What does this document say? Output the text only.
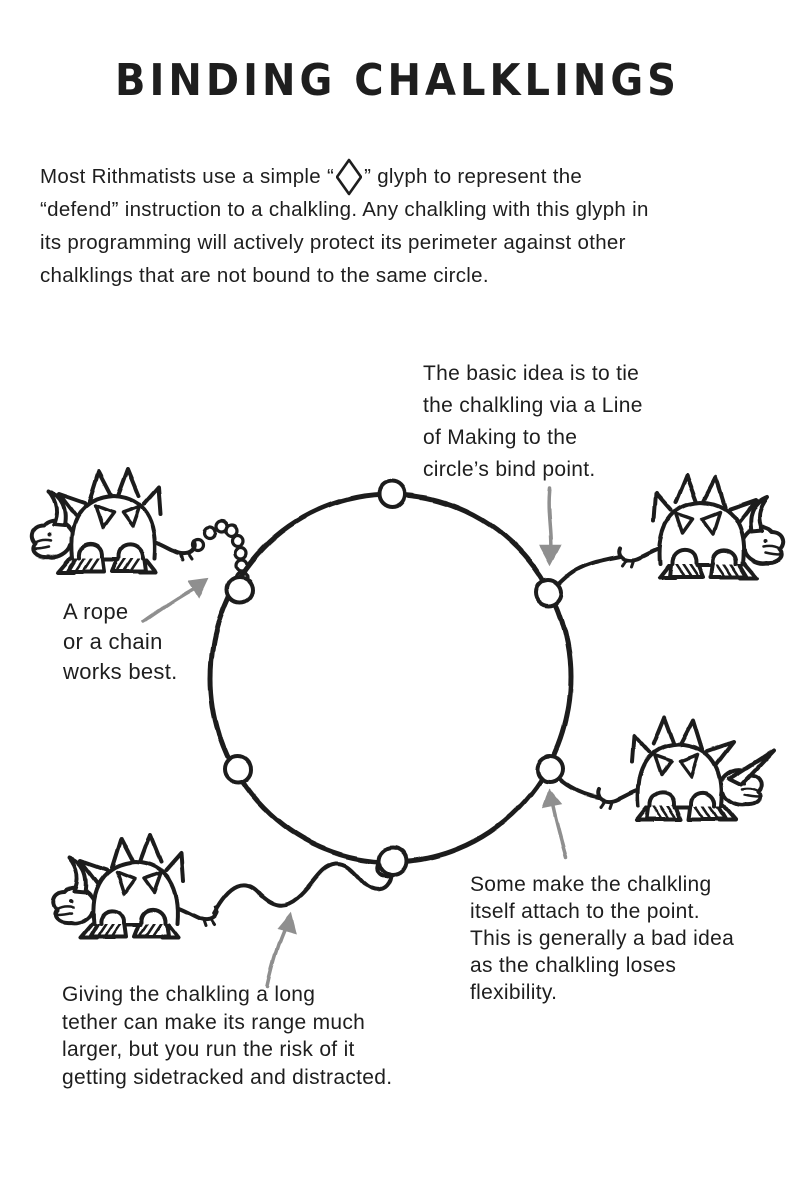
BINDING CHALKLINGS
Most Rithmatists use a simple “ ” glyph to represent the
“defend” instruction to a chalkling. Any chalkling with this glyph in
its programming will actively protect its perimeter against other
chalklings that are not bound to the same circle.
The basic idea is to tie
the chalkling via a Line
of Making to the
circle’s bind point.
A rope
or a chain
works best.
Some make the chalkling
itself attach to the point.
This is generally a bad idea
as the chalkling loses
flexibility.
Giving the chalkling a long
tether can make its range much
larger, but you run the risk of it
getting sidetracked and distracted.
